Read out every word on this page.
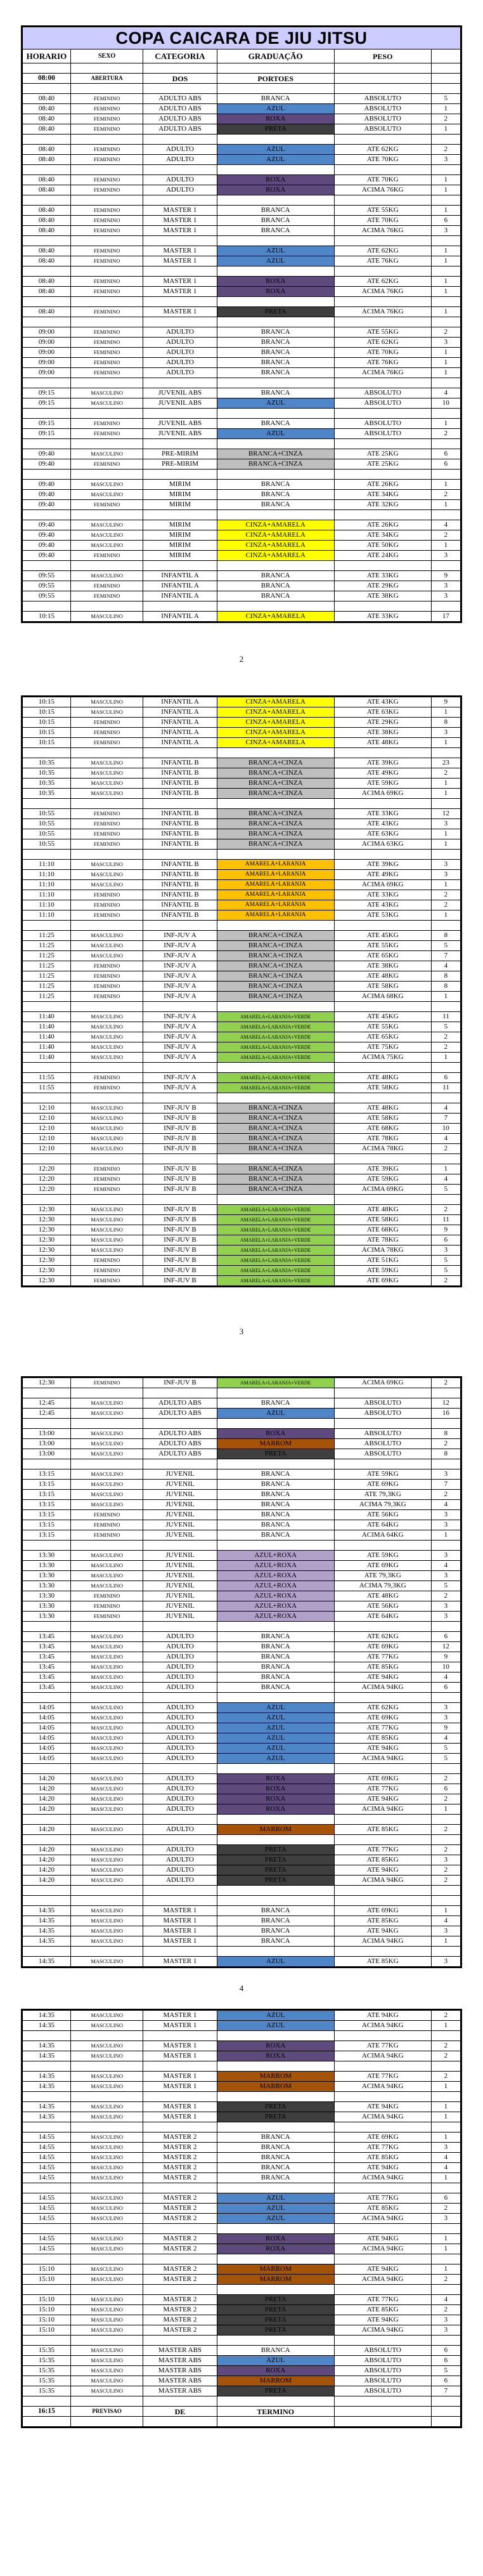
COPA CAICARA DE JIU JITSU					
HORARIO	SEXO	CATEGORIA	GRADUAÇÃO	PESO	

08:00	ABERTURA	DOS	PORTOES		

08:40	FEMININO	ADULTO ABS	BRANCA	ABSOLUTO	5
08:40	FEMININO	ADULTO ABS	AZUL	ABSOLUTO	1
08:40	FEMININO	ADULTO ABS	ROXA	ABSOLUTO	2
08:40	FEMININO	ADULTO ABS	PRETA	ABSOLUTO	1

08:40	FEMININO	ADULTO	AZUL	ATE 62KG	2
08:40	FEMININO	ADULTO	AZUL	ATE 70KG	3

08:40	FEMININO	ADULTO	ROXA	ATE 70KG	1
08:40	FEMININO	ADULTO	ROXA	ACIMA 76KG	1

08:40	FEMININO	MASTER 1	BRANCA	ATE 55KG	1
08:40	FEMININO	MASTER 1	BRANCA	ATE 70KG	6
08:40	FEMININO	MASTER 1	BRANCA	ACIMA 76KG	3

08:40	FEMININO	MASTER 1	AZUL	ATE 62KG	1
08:40	FEMININO	MASTER 1	AZUL	ATE 76KG	1

08:40	FEMININO	MASTER 1	ROXA	ATE 62KG	1
08:40	FEMININO	MASTER 1	ROXA	ACIMA 76KG	1

08:40	FEMININO	MASTER 1	PRETA	ACIMA 76KG	1

09:00	FEMININO	ADULTO	BRANCA	ATE 55KG	2
09:00	FEMININO	ADULTO	BRANCA	ATE 62KG	3
09:00	FEMININO	ADULTO	BRANCA	ATE 70KG	1
09:00	FEMININO	ADULTO	BRANCA	ATE 76KG	1
09:00	FEMININO	ADULTO	BRANCA	ACIMA 76KG	1

09:15	MASCULINO	JUVENIL ABS	BRANCA	ABSOLUTO	4
09:15	MASCULINO	JUVENIL ABS	AZUL	ABSOLUTO	10

09:15	FEMININO	JUVENIL ABS	BRANCA	ABSOLUTO	1
09:15	FEMININO	JUVENIL ABS	AZUL	ABSOLUTO	2

09:40	MASCULINO	PRE-MIRIM	BRANCA+CINZA	ATE 25KG	6
09:40	FEMININO	PRE-MIRIM	BRANCA+CINZA	ATE 25KG	6

09:40	MASCULINO	MIRIM	BRANCA	ATE 26KG	1
09:40	MASCULINO	MIRIM	BRANCA	ATE 34KG	2
09:40	FEMININO	MIRIM	BRANCA	ATE 32KG	1

09:40	MASCULINO	MIRIM	CINZA+AMARELA	ATE 26KG	4
09:40	MASCULINO	MIRIM	CINZA+AMARELA	ATE 34KG	2
09:40	MASCULINO	MIRIM	CINZA+AMARELA	ATE 50KG	1
09:40	FEMININO	MIRIM	CINZA+AMARELA	ATE 24KG	3

09:55	MASCULINO	INFANTIL A	BRANCA	ATE 33KG	9
09:55	FEMININO	INFANTIL A	BRANCA	ATE 29KG	3
09:55	FEMININO	INFANTIL A	BRANCA	ATE 38KG	3

10:15	MASCULINO	INFANTIL A	CINZA+AMARELA	ATE 33KG	17
2
10:15	MASCULINO	INFANTIL A	CINZA+AMARELA	ATE 43KG	9
10:15	MASCULINO	INFANTIL A	CINZA+AMARELA	ATE 63KG	1
10:15	FEMININO	INFANTIL A	CINZA+AMARELA	ATE 29KG	8
10:15	FEMININO	INFANTIL A	CINZA+AMARELA	ATE 38KG	3
10:15	FEMININO	INFANTIL A	CINZA+AMARELA	ATE 48KG	1

10:35	MASCULINO	INFANTIL B	BRANCA+CINZA	ATE 39KG	23
10:35	MASCULINO	INFANTIL B	BRANCA+CINZA	ATE 49KG	2
10:35	MASCULINO	INFANTIL B	BRANCA+CINZA	ATE 59KG	1
10:35	MASCULINO	INFANTIL B	BRANCA+CINZA	ACIMA 69KG	1

10:55	FEMININO	INFANTIL B	BRANCA+CINZA	ATE 33KG	12
10:55	FEMININO	INFANTIL B	BRANCA+CINZA	ATE 43KG	3
10:55	FEMININO	INFANTIL B	BRANCA+CINZA	ATE 63KG	1
10:55	FEMININO	INFANTIL B	BRANCA+CINZA	ACIMA 63KG	1

11:10	MASCULINO	INFANTIL B	AMARELA+LARANJA	ATE 39KG	3
11:10	MASCULINO	INFANTIL B	AMARELA+LARANJA	ATE 49KG	3
11:10	MASCULINO	INFANTIL B	AMARELA+LARANJA	ACIMA 69KG	1
11:10	FEMININO	INFANTIL B	AMARELA+LARANJA	ATE 33KG	2
11:10	FEMININO	INFANTIL B	AMARELA+LARANJA	ATE 43KG	2
11:10	FEMININO	INFANTIL B	AMARELA+LARANJA	ATE 53KG	1

11:25	MASCULINO	INF-JUV A	BRANCA+CINZA	ATE 45KG	8
11:25	MASCULINO	INF-JUV A	BRANCA+CINZA	ATE 55KG	5
11:25	MASCULINO	INF-JUV A	BRANCA+CINZA	ATE 65KG	7
11:25	FEMININO	INF-JUV A	BRANCA+CINZA	ATE 38KG	4
11:25	FEMININO	INF-JUV A	BRANCA+CINZA	ATE 48KG	8
11:25	FEMININO	INF-JUV A	BRANCA+CINZA	ATE 58KG	8
11:25	FEMININO	INF-JUV A	BRANCA+CINZA	ACIMA 68KG	1

11:40	MASCULINO	INF-JUV A	AMARELA+LARANJA+VERDE	ATE 45KG	11
11:40	MASCULINO	INF-JUV A	AMARELA+LARANJA+VERDE	ATE 55KG	5
11:40	MASCULINO	INF-JUV A	AMARELA+LARANJA+VERDE	ATE 65KG	2
11:40	MASCULINO	INF-JUV A	AMARELA+LARANJA+VERDE	ATE 75KG	2
11:40	MASCULINO	INF-JUV A	AMARELA+LARANJA+VERDE	ACIMA 75KG	1

11:55	FEMININO	INF-JUV A	AMARELA+LARANJA+VERDE	ATE 48KG	6
11:55	FEMININO	INF-JUV A	AMARELA+LARANJA+VERDE	ATE 58KG	11

12:10	MASCULINO	INF-JUV B	BRANCA+CINZA	ATE 48KG	4
12:10	MASCULINO	INF-JUV B	BRANCA+CINZA	ATE 58KG	7
12:10	MASCULINO	INF-JUV B	BRANCA+CINZA	ATE 68KG	10
12:10	MASCULINO	INF-JUV B	BRANCA+CINZA	ATE 78KG	4
12:10	MASCULINO	INF-JUV B	BRANCA+CINZA	ACIMA 78KG	2

12:20	FEMININO	INF-JUV B	BRANCA+CINZA	ATE 39KG	1
12:20	FEMININO	INF-JUV B	BRANCA+CINZA	ATE 59KG	4
12:20	FEMININO	INF-JUV B	BRANCA+CINZA	ACIMA 69KG	5

12:30	MASCULINO	INF-JUV B	AMARELA+LARANJA+VERDE	ATE 48KG	2
12:30	MASCULINO	INF-JUV B	AMARELA+LARANJA+VERDE	ATE 58KG	11
12:30	MASCULINO	INF-JUV B	AMARELA+LARANJA+VERDE	ATE 68KG	9
12:30	MASCULINO	INF-JUV B	AMARELA+LARANJA+VERDE	ATE 78KG	6
12:30	MASCULINO	INF-JUV B	AMARELA+LARANJA+VERDE	ACIMA 78KG	3
12:30	FEMININO	INF-JUV B	AMARELA+LARANJA+VERDE	ATE 51KG	5
12:30	FEMININO	INF-JUV B	AMARELA+LARANJA+VERDE	ATE 59KG	5
12:30	FEMININO	INF-JUV B	AMARELA+LARANJA+VERDE	ATE 69KG	2
3
12:30	FEMININO	INF-JUV B	AMARELA+LARANJA+VERDE	ACIMA 69KG	2

12:45	MASCULINO	ADULTO ABS	BRANCA	ABSOLUTO	12
12:45	MASCULINO	ADULTO ABS	AZUL	ABSOLUTO	16

13:00	MASCULINO	ADULTO ABS	ROXA	ABSOLUTO	8
13:00	MASCULINO	ADULTO ABS	MARROM	ABSOLUTO	2
13:00	MASCULINO	ADULTO ABS	PRETA	ABSOLUTO	8

13:15	MASCULINO	JUVENIL	BRANCA	ATE 59KG	3
13:15	MASCULINO	JUVENIL	BRANCA	ATE 69KG	7
13:15	MASCULINO	JUVENIL	BRANCA	ATE 79,3KG	2
13:15	MASCULINO	JUVENIL	BRANCA	ACIMA 79,3KG	4
13:15	FEMININO	JUVENIL	BRANCA	ATE 56KG	3
13:15	FEMININO	JUVENIL	BRANCA	ATE 64KG	3
13:15	FEMININO	JUVENIL	BRANCA	ACIMA 64KG	1

13:30	MASCULINO	JUVENIL	AZUL+ROXA	ATE 59KG	3
13:30	MASCULINO	JUVENIL	AZUL+ROXA	ATE 69KG	4
13:30	MASCULINO	JUVENIL	AZUL+ROXA	ATE 79,3KG	3
13:30	MASCULINO	JUVENIL	AZUL+ROXA	ACIMA 79,3KG	5
13:30	FEMININO	JUVENIL	AZUL+ROXA	ATE 48KG	2
13:30	FEMININO	JUVENIL	AZUL+ROXA	ATE 56KG	3
13:30	FEMININO	JUVENIL	AZUL+ROXA	ATE 64KG	3

13:45	MASCULINO	ADULTO	BRANCA	ATE 62KG	6
13:45	MASCULINO	ADULTO	BRANCA	ATE 69KG	12
13:45	MASCULINO	ADULTO	BRANCA	ATE 77KG	9
13:45	MASCULINO	ADULTO	BRANCA	ATE 85KG	10
13:45	MASCULINO	ADULTO	BRANCA	ATE 94KG	4
13:45	MASCULINO	ADULTO	BRANCA	ACIMA 94KG	6

14:05	MASCULINO	ADULTO	AZUL	ATE 62KG	3
14:05	MASCULINO	ADULTO	AZUL	ATE 69KG	3
14:05	MASCULINO	ADULTO	AZUL	ATE 77KG	9
14:05	MASCULINO	ADULTO	AZUL	ATE 85KG	4
14:05	MASCULINO	ADULTO	AZUL	ATE 94KG	5
14:05	MASCULINO	ADULTO	AZUL	ACIMA 94KG	5

14:20	MASCULINO	ADULTO	ROXA	ATE 69KG	2
14:20	MASCULINO	ADULTO	ROXA	ATE 77KG	6
14:20	MASCULINO	ADULTO	ROXA	ATE 94KG	2
14:20	MASCULINO	ADULTO	ROXA	ACIMA 94KG	1

14:20	MASCULINO	ADULTO	MARROM	ATE 85KG	2

14:20	MASCULINO	ADULTO	PRETA	ATE 77KG	2
14:20	MASCULINO	ADULTO	PRETA	ATE 85KG	3
14:20	MASCULINO	ADULTO	PRETA	ATE 94KG	2
14:20	MASCULINO	ADULTO	PRETA	ACIMA 94KG	2

14:35	MASCULINO	MASTER 1	BRANCA	ATE 69KG	1
14:35	MASCULINO	MASTER 1	BRANCA	ATE 85KG	4
14:35	MASCULINO	MASTER 1	BRANCA	ATE 94KG	3
14:35	MASCULINO	MASTER 1	BRANCA	ACIMA 94KG	1

14:35	MASCULINO	MASTER 1	AZUL	ATE 85KG	3
4
14:35	MASCULINO	MASTER 1	AZUL	ATE 94KG	2
14:35	MASCULINO	MASTER 1	AZUL	ACIMA 94KG	1

14:35	MASCULINO	MASTER 1	ROXA	ATE 77KG	2
14:35	MASCULINO	MASTER 1	ROXA	ACIMA 94KG	2

14:35	MASCULINO	MASTER 1	MARROM	ATE 77KG	2
14:35	MASCULINO	MASTER 1	MARROM	ACIMA 94KG	1

14:35	MASCULINO	MASTER 1	PRETA	ATE 94KG	1
14:35	MASCULINO	MASTER 1	PRETA	ACIMA 94KG	1

14:55	MASCULINO	MASTER 2	BRANCA	ATE 69KG	1
14:55	MASCULINO	MASTER 2	BRANCA	ATE 77KG	3
14:55	MASCULINO	MASTER 2	BRANCA	ATE 85KG	4
14:55	MASCULINO	MASTER 2	BRANCA	ATE 94KG	4
14:55	MASCULINO	MASTER 2	BRANCA	ACIMA 94KG	1

14:55	MASCULINO	MASTER 2	AZUL	ATE 77KG	6
14:55	MASCULINO	MASTER 2	AZUL	ATE 85KG	2
14:55	MASCULINO	MASTER 2	AZUL	ACIMA 94KG	3

14:55	MASCULINO	MASTER 2	ROXA	ATE 94KG	1
14:55	MASCULINO	MASTER 2	ROXA	ACIMA 94KG	1

15:10	MASCULINO	MASTER 2	MARROM	ATE 94KG	1
15:10	MASCULINO	MASTER 2	MARROM	ACIMA 94KG	2

15:10	MASCULINO	MASTER 2	PRETA	ATE 77KG	4
15:10	MASCULINO	MASTER 2	PRETA	ATE 85KG	2
15:10	MASCULINO	MASTER 2	PRETA	ATE 94KG	3
15:10	MASCULINO	MASTER 2	PRETA	ACIMA 94KG	3

15:35	MASCULINO	MASTER ABS	BRANCA	ABSOLUTO	6
15:35	MASCULINO	MASTER ABS	AZUL	ABSOLUTO	6
15:35	MASCULINO	MASTER ABS	ROXA	ABSOLUTO	5
15:35	MASCULINO	MASTER ABS	MARROM	ABSOLUTO	6
15:35	MASCULINO	MASTER ABS	PRETA	ABSOLUTO	7

16:15	PREVISAO	DE	TERMINO		
